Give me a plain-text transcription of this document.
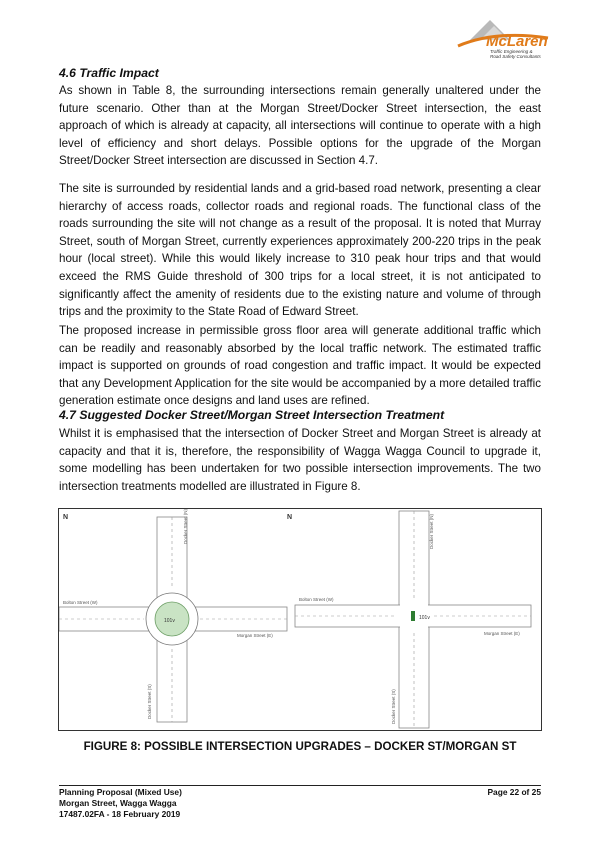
McLaren
Traffic Engineering &
Road Safety Consultants
4.6 Traffic Impact

As shown in Table 8, the surrounding intersections remain generally unaltered under the future scenario. Other than at the Morgan Street/Docker Street intersection, the east approach of which is already at capacity, all intersections will continue to operate with a high level of efficiency and short delays. Possible options for the upgrade of the Morgan Street/Docker Street intersection are discussed in Section 4.7.

The site is surrounded by residential lands and a grid-based road network, presenting a clear hierarchy of access roads, collector roads and regional roads. The functional class of the roads surrounding the site will not change as a result of the proposal. It is noted that Murray Street, south of Morgan Street, currently experiences approximately 200-220 trips in the peak hour (local street). While this would likely increase to 310 peak hour trips and that would exceed the RMS Guide threshold of 300 trips for a local street, it is not anticipated to significantly affect the amenity of residents due to the existing nature and volume of through trips and the proximity to the State Road of Edward Street.

The proposed increase in permissible gross floor area will generate additional traffic which can be readily and reasonably absorbed by the local traffic network. The estimated traffic impact is supported on grounds of road congestion and traffic impact. It would be expected that any Development Application for the site would be accompanied by a more detailed traffic generation estimate once designs and land uses are refined.

4.7 Suggested Docker Street/Morgan Street Intersection Treatment

Whilst it is emphasised that the intersection of Docker Street and Morgan Street is already at capacity and that it is, therefore, the responsibility of Wagga Wagga Council to upgrade it, some modelling has been undertaken for two possible intersection improvements. The two intersection treatments modelled are illustrated in Figure 8.

N
101v
Docker Street (N)
Docker Street (S)
Bolton Street (W)
Morgan Street (E)
N
101v
Docker Street (N)
Docker Street (S)
Bolton Street (W)
Morgan Street (E)
FIGURE 8: POSSIBLE INTERSECTION UPGRADES – DOCKER ST/MORGAN ST
Planning Proposal (Mixed Use)
Morgan Street, Wagga Wagga
17487.02FA - 18 February 2019
Page 22 of 25
